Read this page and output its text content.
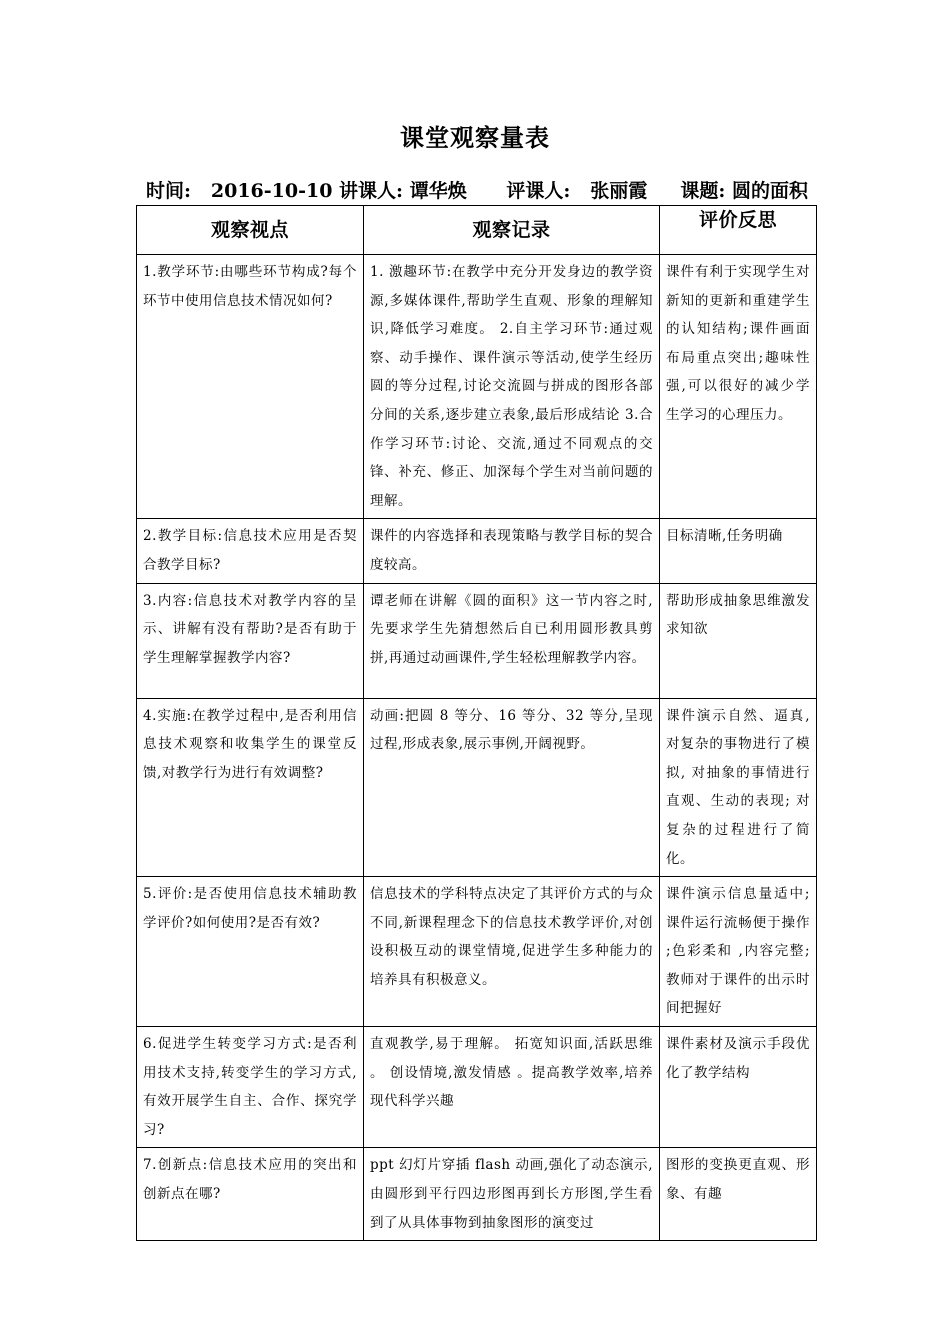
课堂观察量表
时间: 2016-10-10 讲课人: 谭华焕 评课人: 张丽霞 课题: 圆的面积
观察视点	观察记录	评价反思
1.教学环节:由哪些环节构成?每个环节中使用信息技术情况如何?	1. 激趣环节:在教学中充分开发身边的教学资源,多媒体课件,帮助学生直观、形象的理解知识,降低学习难度。 2.自主学习环节:通过观察、动手操作、课件演示等活动,使学生经历圆的等分过程,讨论交流圆与拼成的图形各部分间的关系,逐步建立表象,最后形成结论 3.合作学习环节:讨论、交流,通过不同观点的交锋、补充、修正、加深每个学生对当前问题的理解。	课件有利于实现学生对新知的更新和重建学生的认知结构;课件画面布局重点突出;趣味性强,可以很好的减少学生学习的心理压力。
2.教学目标:信息技术应用是否契合教学目标?	课件的内容选择和表现策略与教学目标的契合度较高。	目标清晰,任务明确
3.内容:信息技术对教学内容的呈示、讲解有没有帮助?是否有助于学生理解掌握教学内容?	谭老师在讲解《圆的面积》这一节内容之时,先要求学生先猜想然后自已利用圆形教具剪拼,再通过动画课件,学生轻松理解教学内容。	帮助形成抽象思维激发求知欲
4.实施:在教学过程中,是否利用信息技术观察和收集学生的课堂反馈,对教学行为进行有效调整?	动画:把圆 8 等分、16 等分、32 等分,呈现过程,形成表象,展示事例,开阔视野。	课件演示自然、逼真,对复杂的事物进行了模拟, 对抽象的事情进行直观、生动的表现; 对复杂的过程进行了简化。
5.评价:是否使用信息技术辅助教学评价?如何使用?是否有效?	信息技术的学科特点决定了其评价方式的与众不同,新课程理念下的信息技术教学评价,对创设积极互动的课堂情境,促进学生多种能力的培养具有积极意义。	课件演示信息量适中;课件运行流畅便于操作 ;色彩柔和 ,内容完整;教师对于课件的出示时间把握好
6.促进学生转变学习方式:是否利用技术支持,转变学生的学习方式,有效开展学生自主、合作、探究学习?	直观教学,易于理解。 拓宽知识面,活跃思维 。 创设情境,激发情感 。提高教学效率,培养现代科学兴趣	课件素材及演示手段优化了教学结构
7.创新点:信息技术应用的突出和创新点在哪?	ppt 幻灯片穿插 flash 动画,强化了动态演示,由圆形到平行四边形图再到长方形图,学生看到了从具体事物到抽象图形的演变过	图形的变换更直观、形象、有趣
